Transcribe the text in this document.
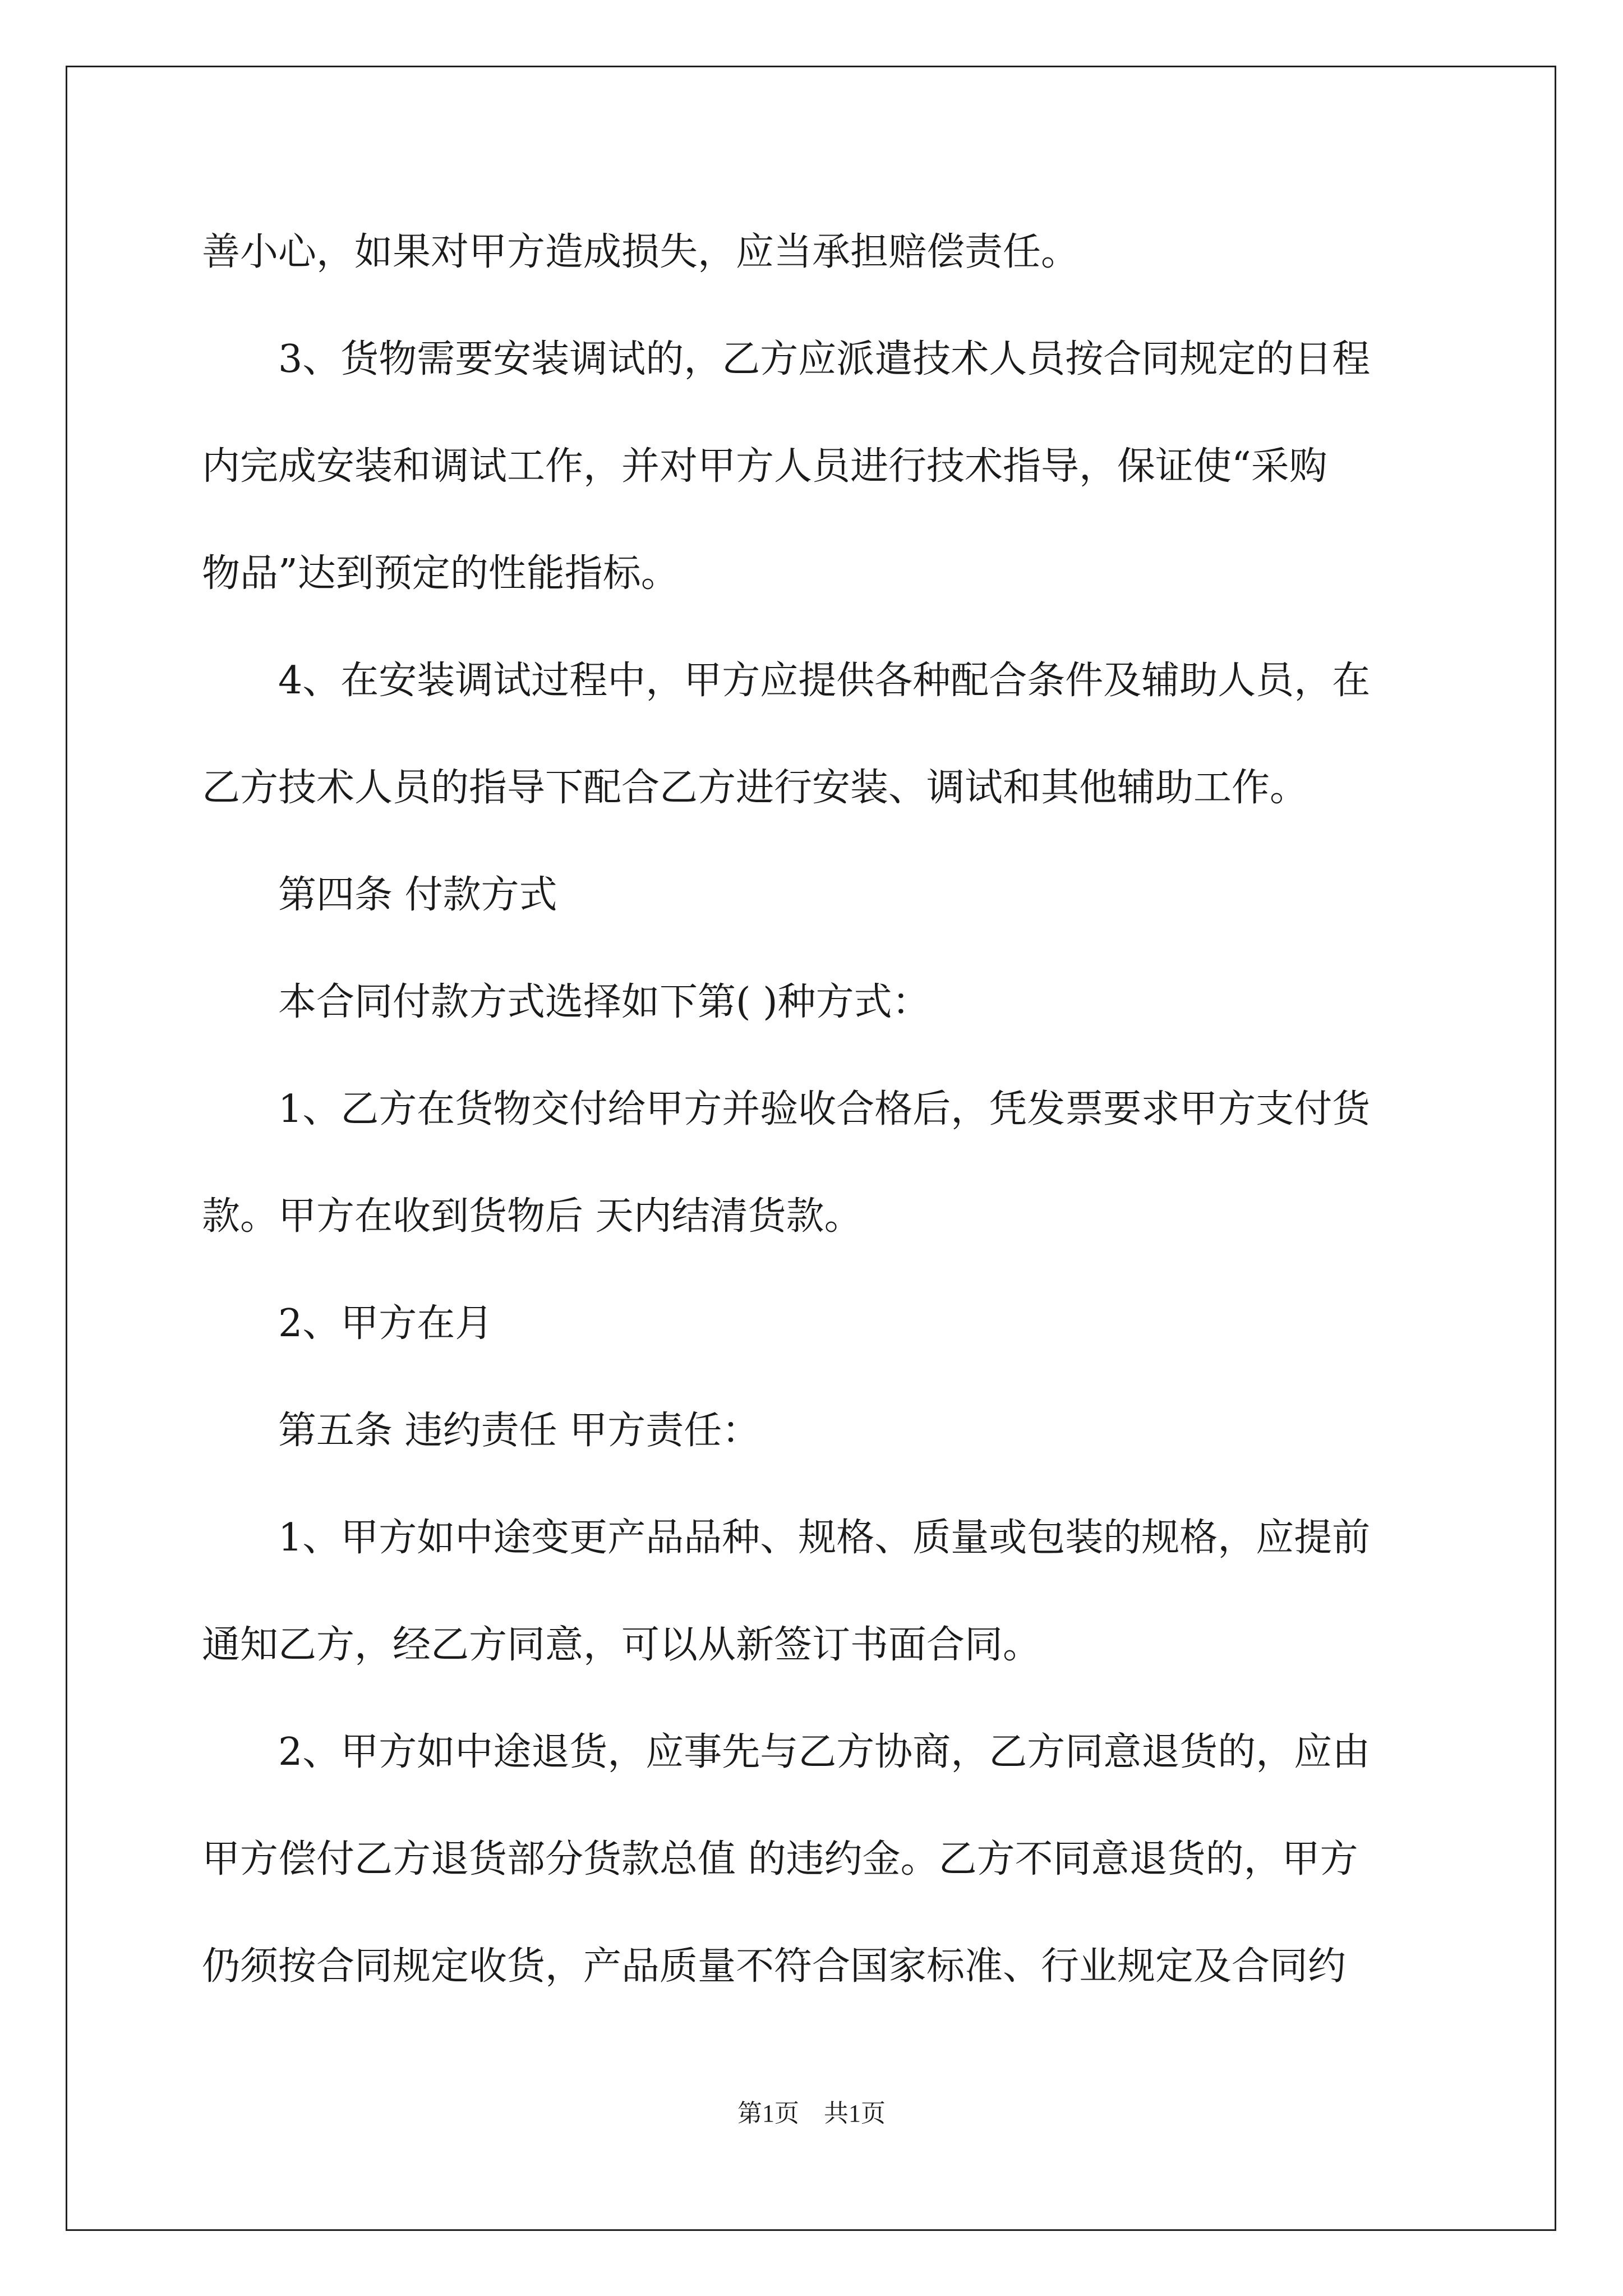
善小心，如果对甲方造成损失，应当承担赔偿责任。

　　3、货物需要安装调试的，乙方应派遣技术人员按合同规定的日程

内完成安装和调试工作，并对甲方人员进行技术指导，保证使“采购

物品”达到预定的性能指标。

　　4、在安装调试过程中，甲方应提供各种配合条件及辅助人员，在

乙方技术人员的指导下配合乙方进行安装、调试和其他辅助工作。

　　第四条 付款方式

　　本合同付款方式选择如下第( )种方式：

　　1、乙方在货物交付给甲方并验收合格后，凭发票要求甲方支付货

款。甲方在收到货物后 天内结清货款。

　　2、甲方在月

　　第五条 违约责任 甲方责任：

　　1、甲方如中途变更产品品种、规格、质量或包装的规格，应提前

通知乙方，经乙方同意，可以从新签订书面合同。

　　2、甲方如中途退货，应事先与乙方协商，乙方同意退货的，应由

甲方偿付乙方退货部分货款总值 的违约金。乙方不同意退货的，甲方

仍须按合同规定收货，产品质量不符合国家标准、行业规定及合同约

第1页　共1页
